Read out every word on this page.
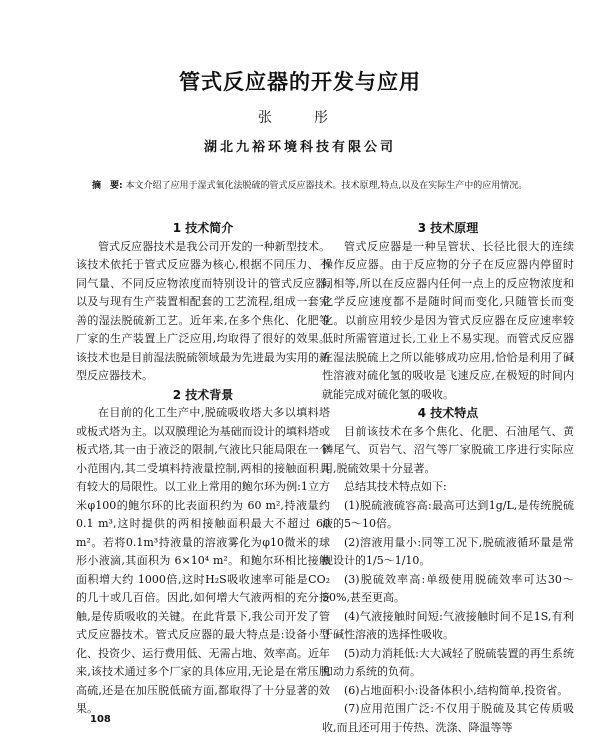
管式反应器的开发与应用
张　彤
湖北九裕环境科技有限公司
摘　要: 本文介绍了应用于湿式氧化法脱硫的管式反应器技术。技术原理,特点,以及在实际生产中的应用情况。
1 技术简介

管式反应器技术是我公司开发的一种新型技术。该技术依托于管式反应器为核心,根据不同压力、不同气量、不同反应物浓度而特别设计的管式反应器,以及与现有生产装置相配套的工艺流程,组成一套完善的湿法脱硫新工艺。近年来,在多个焦化、化肥等厂家的生产装置上广泛应用,均取得了很好的效果。该技术也是目前湿法脱硫领域最为先进最为实用的新型反应器技术。

2 技术背景

在目前的化工生产中,脱硫吸收塔大多以填料塔或板式塔为主。以双膜理论为基础而设计的填料塔或板式塔,其一由于液泛的限制,气液比只能局限在一个小范围内,其二受填料持液量控制,两相的接触面积具有较大的局限性。以工业上常用的鲍尔环为例:1立方米φ100的鲍尔环的比表面积约为 60 m²,持液量约 0.1 m³,这时提供的两相接触面积最大不超过 60 m²。若将0.1m³持液量的溶液雾化为φ10微米的球形小液滴,其面积为 6×10⁴ m²。和鲍尔环相比接触面积增大约 1000倍,这时H₂S吸收速率可能是CO₂的几十或几百倍。因此,如何增大气液两相的充分接触,是传质吸收的关键。在此背景下,我公司开发了管式反应器技术。管式反应器的最大特点是:设备小型化、投资少、运行费用低、无需占地、效率高。近年来,该技术通过多个厂家的具体应用,无论是在常压脱高硫,还是在加压脱低硫方面,都取得了十分显著的效果。

3 技术原理

管式反应器是一种呈管状、长径比很大的连续操作反应器。由于反应物的分子在反应器内停留时间相等,所以在反应器内任何一点上的反应物浓度和化学反应速度都不是随时间而变化,只随管长而变化。以前应用较少是因为管式反应器在反应速率较低时所需管道过长,工业上不易实现。而管式反应器在湿法脱硫上之所以能够成功应用,恰恰是利用了碱性溶液对硫化氢的吸收是飞速反应,在极短的时间内就能完成对硫化氢的吸收。

4 技术特点

目前该技术在多个焦化、化肥、石油尾气、黄磷尾气、页岩气、沼气等厂家脱硫工序进行实际应用,脱硫效果十分显著。

总结其技术特点如下:

(1)脱硫液硫容高:最高可达到1g/L,是传统脱硫液的5～10倍。

(2)溶液用量小:同等工况下,脱硫液循环量是常规设计的1/5～1/10。

(3)脱硫效率高:单级使用脱硫效率可达30～50%,甚至更高。

(4)气液接触时间短:气液接触时间不足1S,有利于碱性溶液的选择性吸收。

(5)动力消耗低:大大减轻了脱硫装置的再生系统和动力系统的负荷。

(6)占地面积小:设备体积小,结构简单,投资省。

(7)应用范围广泛:不仅用于脱硫及其它传质吸收,而且还可用于传热、洗涤、降温等等

108
